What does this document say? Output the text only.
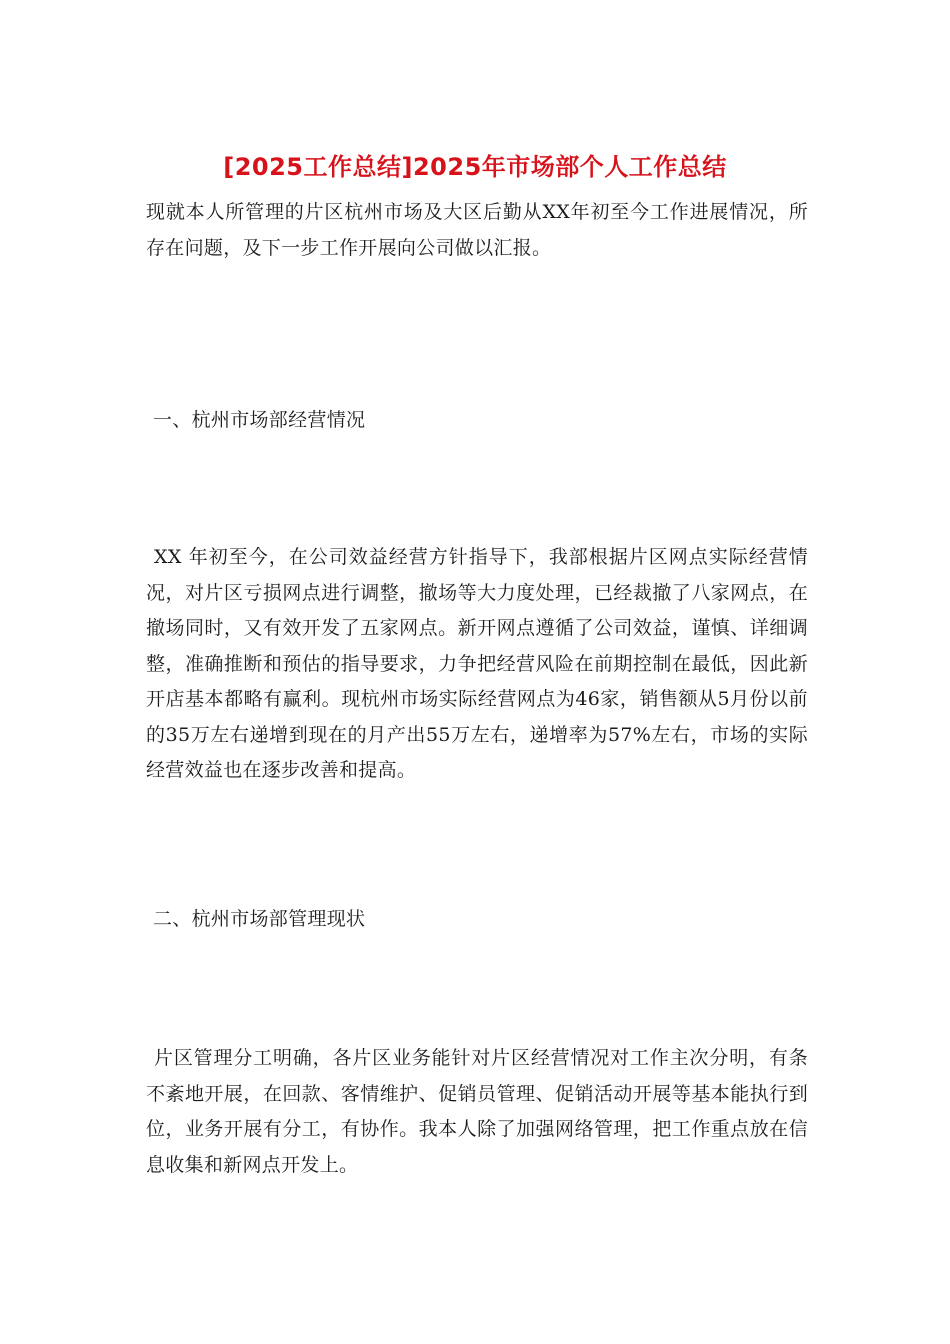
[2025工作总结]2025年市场部个人工作总结

现就本人所管理的片区杭州市场及大区后勤从XX年初至今工作进展情况，所存在问题，及下一步工作开展向公司做以汇报。

一、杭州市场部经营情况

XX 年初至今，在公司效益经营方针指导下，我部根据片区网点实际经营情况，对片区亏损网点进行调整，撤场等大力度处理，已经裁撤了八家网点，在撤场同时，又有效开发了五家网点。新开网点遵循了公司效益，谨慎、详细调整，准确推断和预估的指导要求，力争把经营风险在前期控制在最低，因此新开店基本都略有赢利。现杭州市场实际经营网点为46家，销售额从5月份以前的35万左右递增到现在的月产出55万左右，递增率为57%左右，市场的实际经营效益也在逐步改善和提高。

二、杭州市场部管理现状

片区管理分工明确，各片区业务能针对片区经营情况对工作主次分明，有条不紊地开展，在回款、客情维护、促销员管理、促销活动开展等基本能执行到位，业务开展有分工，有协作。我本人除了加强网络管理，把工作重点放在信息收集和新网点开发上。
